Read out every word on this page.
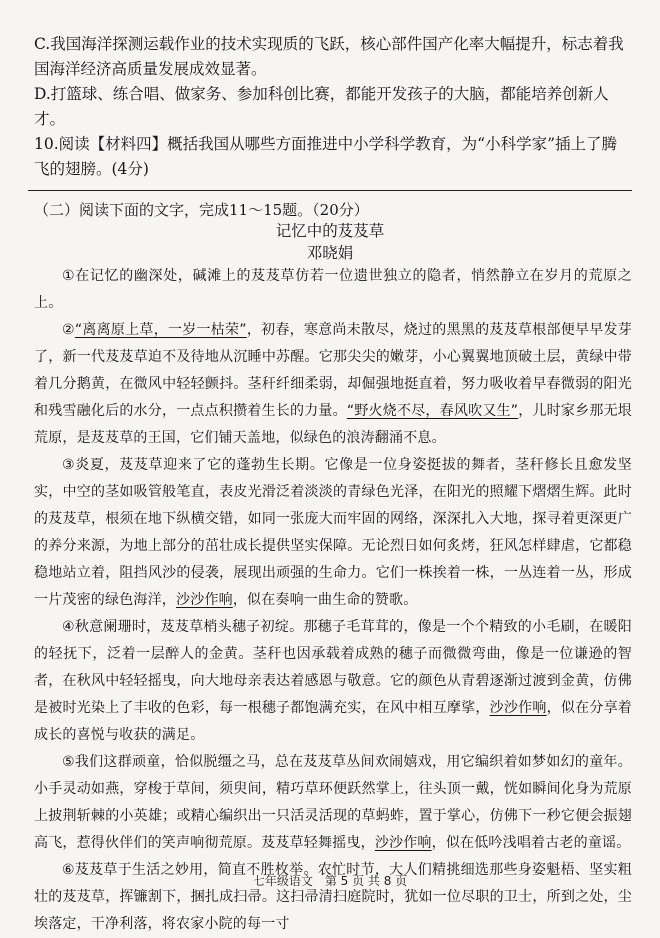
C.我国海洋探测运载作业的技术实现质的飞跃，核心部件国产化率大幅提升，标志着我国海洋经济高质量发展成效显著。

D.打篮球、练合唱、做家务、参加科创比赛，都能开发孩子的大脑，都能培养创新人才。

10.阅读【材料四】概括我国从哪些方面推进中小学科学教育，为“小科学家”插上了腾飞的翅膀。(4分)

（二）阅读下面的文字，完成11～15题。（20分）
记忆中的芨芨草
邓晓娟

①在记忆的幽深处，碱滩上的芨芨草仿若一位遗世独立的隐者，悄然静立在岁月的荒原之上。

②“离离原上草，一岁一枯荣”，初春，寒意尚未散尽，烧过的黑黑的芨芨草根部便早早发芽了，新一代芨芨草迫不及待地从沉睡中苏醒。它那尖尖的嫩芽，小心翼翼地顶破土层，黄绿中带着几分鹅黄，在微风中轻轻颤抖。茎秆纤细柔弱，却倔强地挺直着，努力吸收着早春微弱的阳光和残雪融化后的水分，一点点积攒着生长的力量。“野火烧不尽，春风吹又生”，儿时家乡那无垠荒原，是芨芨草的王国，它们铺天盖地，似绿色的浪涛翻涌不息。

③炎夏，芨芨草迎来了它的蓬勃生长期。它像是一位身姿挺拔的舞者，茎秆修长且愈发坚实，中空的茎如吸管般笔直，表皮光滑泛着淡淡的青绿色光泽，在阳光的照耀下熠熠生辉。此时的芨芨草，根须在地下纵横交错，如同一张庞大而牢固的网络，深深扎入大地，探寻着更深更广的养分来源，为地上部分的茁壮成长提供坚实保障。无论烈日如何炙烤，狂风怎样肆虐，它都稳稳地站立着，阻挡风沙的侵袭，展现出顽强的生命力。它们一株挨着一株，一丛连着一丛，形成一片茂密的绿色海洋，沙沙作响，似在奏响一曲生命的赞歌。

④秋意阑珊时，芨芨草梢头穗子初绽。那穗子毛茸茸的，像是一个个精致的小毛刷，在暖阳的轻抚下，泛着一层醉人的金黄。茎秆也因承载着成熟的穗子而微微弯曲，像是一位谦逊的智者，在秋风中轻轻摇曳，向大地母亲表达着感恩与敬意。它的颜色从青碧逐渐过渡到金黄，仿佛是被时光染上了丰收的色彩，每一根穗子都饱满充实，在风中相互摩挲，沙沙作响，似在分享着成长的喜悦与收获的满足。

⑤我们这群顽童，恰似脱缰之马，总在芨芨草丛间欢闹嬉戏，用它编织着如梦如幻的童年。小手灵动如燕，穿梭于草间，须臾间，精巧草环便跃然掌上，往头顶一戴，恍如瞬间化身为荒原上披荆斩棘的小英雄；或精心编织出一只活灵活现的草蚂蚱，置于掌心，仿佛下一秒它便会振翅高飞，惹得伙伴们的笑声响彻荒原。芨芨草轻舞摇曳，沙沙作响，似在低吟浅唱着古老的童谣。

⑥芨芨草于生活之妙用，简直不胜枚举。农忙时节，大人们精挑细选那些身姿魁梧、坚实粗壮的芨芨草，挥镰割下，捆扎成扫帚。这扫帚清扫庭院时，犹如一位尽职的卫士，所到之处，尘埃落定，干净利落，将农家小院的每一寸

七年级语文　第 5 页 共 8 页
